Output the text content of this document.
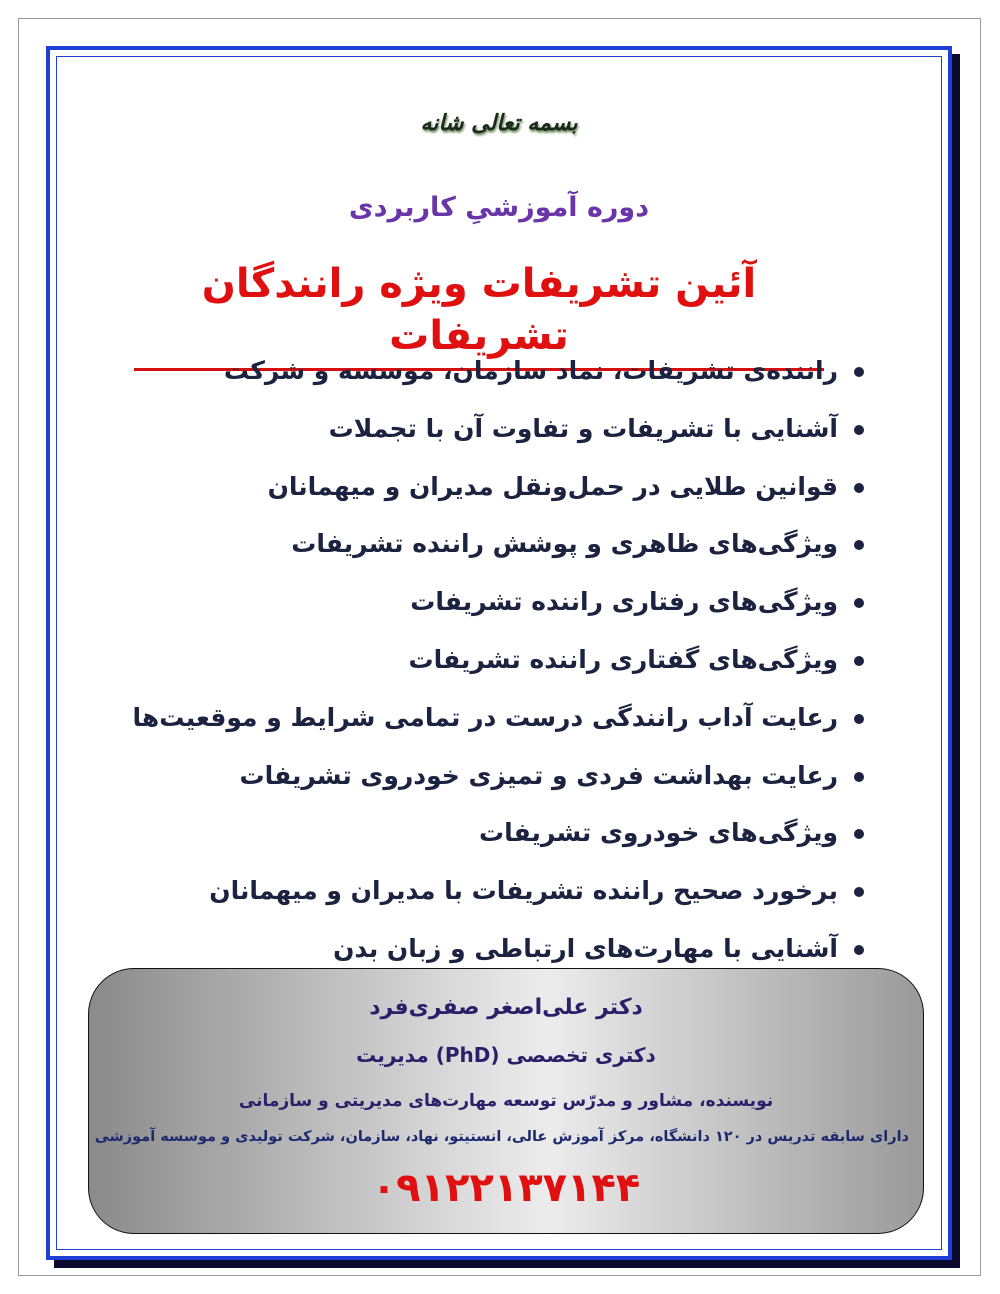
بسمه تعالی شانه
دوره آموزشیِ کاربردی
آئین تشریفات ویژه رانندگان تشریفات
راننده‌ی تشریفات، نماد سازمان، موسسه و شرکت
آشنایی با تشریفات و تفاوت آن با تجملات
قوانین طلایی در حمل‌ونقل مدیران و میهمانان
ویژگی‌های ظاهری و پوشش راننده تشریفات
ویژگی‌های رفتاری راننده تشریفات
ویژگی‌های گفتاری راننده تشریفات
رعایت آداب رانندگی درست در تمامی شرایط و موقعیت‌ها
رعایت بهداشت فردی و تمیزی خودروی تشریفات
ویژگی‌های خودروی تشریفات
برخورد صحیح راننده تشریفات با مدیران و میهمانان
آشنایی با مهارت‌های ارتباطی و زبان بدن
دکتر علی‌اصغر صفری‌فرد
دکتری تخصصی (PhD) مدیریت
نویسنده، مشاور و مدرّس توسعه مهارت‌های مدیریتی و سازمانی
دارای سابقه تدریس در ۱۲۰ دانشگاه، مرکز آموزش عالی، انستیتو، نهاد، سازمان، شرکت تولیدی و موسسه آموزشی
۰۹۱۲۲۱۳۷۱۴۴
